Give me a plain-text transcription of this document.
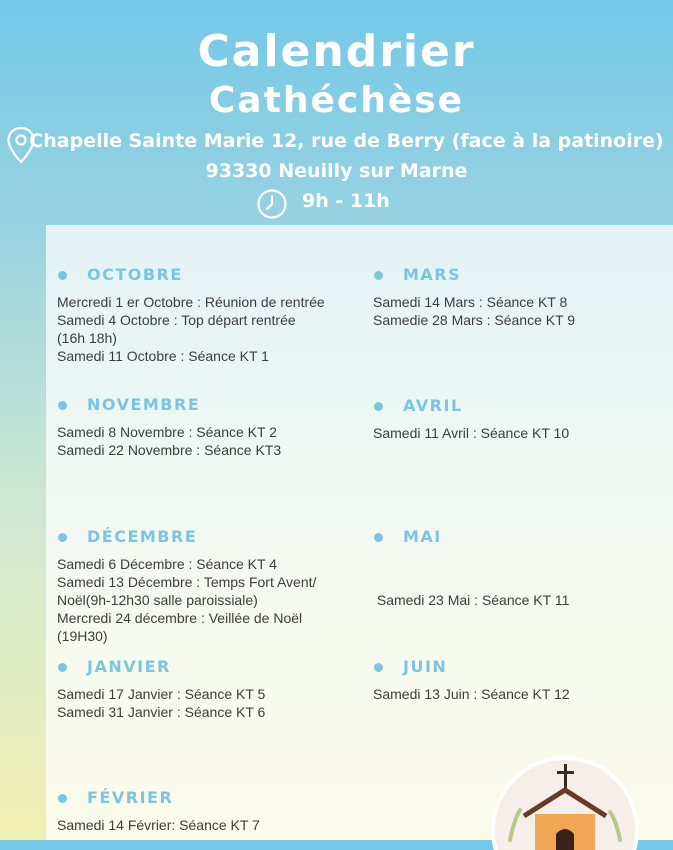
Calendrier
Cathéchèse
Chapelle Sainte Marie 12, rue de Berry (face à la patinoire)
93330 Neuilly sur Marne
9h - 11h
OCTOBRE
Mercredi 1 er Octobre : Réunion de rentrée
Samedi 4 Octobre : Top départ rentrée
(16h 18h)
Samedi 11 Octobre : Séance KT 1
NOVEMBRE
Samedi 8 Novembre : Séance KT 2
Samedi 22 Novembre : Séance KT3
DÉCEMBRE
Samedi 6 Décembre : Séance KT 4
Samedi 13 Décembre : Temps Fort Avent/
Noël(9h-12h30 salle paroissiale)
Mercredi 24 décembre : Veillée de Noël
(19H30)
JANVIER
Samedi 17 Janvier : Séance KT 5
Samedi 31 Janvier : Séance KT 6
FÉVRIER
Samedi 14 Février: Séance KT 7
MARS
Samedi 14 Mars : Séance KT 8
Samedie 28 Mars : Séance KT 9
AVRIL
Samedi 11 Avril : Séance KT 10
MAI

Samedi 23 Mai : Séance KT 11

JUIN
Samedi 13 Juin : Séance KT 12
